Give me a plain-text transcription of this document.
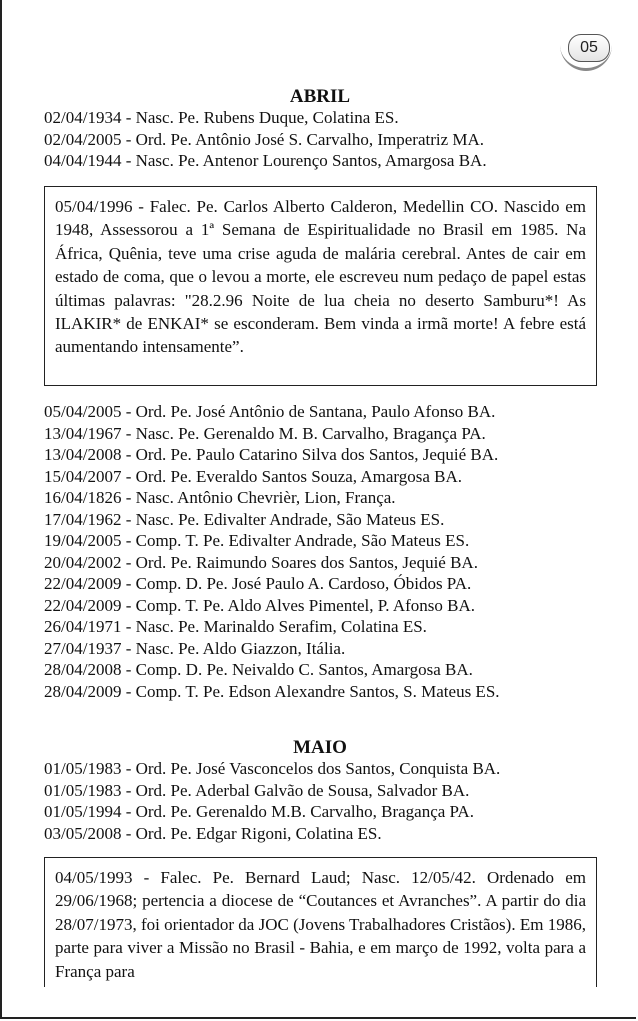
05
ABRIL
02/04/1934 - Nasc. Pe. Rubens Duque, Colatina ES.
02/04/2005 - Ord. Pe. Antônio José S. Carvalho, Imperatriz MA.
04/04/1944 - Nasc. Pe. Antenor Lourenço Santos, Amargosa BA.

05/04/1996 - Falec. Pe. Carlos Alberto Calderon, Medellin CO. Nascido em 1948, Assessorou a 1ª Semana de Espiritualidade no Brasil em 1985. Na África, Quênia, teve uma crise aguda de malária cerebral. Antes de cair em estado de coma, que o levou a morte, ele escreveu num pedaço de papel estas últimas palavras: "28.2.96 Noite de lua cheia no deserto Samburu*! As ILAKIR* de ENKAI* se esconderam. Bem vinda a irmã morte! A febre está aumentando intensamente”.

05/04/2005 - Ord. Pe. José Antônio de Santana, Paulo Afonso BA.
13/04/1967 - Nasc. Pe. Gerenaldo M. B. Carvalho, Bragança PA.
13/04/2008 - Ord. Pe. Paulo Catarino Silva dos Santos, Jequié BA.
15/04/2007 - Ord. Pe. Everaldo Santos Souza, Amargosa BA.
16/04/1826 - Nasc. Antônio Chevrièr, Lion, França.
17/04/1962 - Nasc. Pe. Edivalter Andrade, São Mateus ES.
19/04/2005 - Comp. T. Pe. Edivalter Andrade, São Mateus ES.
20/04/2002 - Ord. Pe. Raimundo Soares dos Santos, Jequié BA.
22/04/2009 - Comp. D. Pe. José Paulo A. Cardoso, Óbidos PA.
22/04/2009 - Comp. T. Pe. Aldo Alves Pimentel, P. Afonso BA.
26/04/1971 - Nasc. Pe. Marinaldo Serafim, Colatina ES.
27/04/1937 - Nasc. Pe. Aldo Giazzon, Itália.
28/04/2008 - Comp. D. Pe. Neivaldo C. Santos, Amargosa BA.
28/04/2009 - Comp. T. Pe. Edson Alexandre Santos, S. Mateus ES.
MAIO
01/05/1983 - Ord. Pe. José Vasconcelos dos Santos, Conquista BA.
01/05/1983 - Ord. Pe. Aderbal Galvão de Sousa, Salvador BA.
01/05/1994 - Ord. Pe. Gerenaldo M.B. Carvalho, Bragança PA.
03/05/2008 - Ord. Pe. Edgar Rigoni, Colatina ES.

04/05/1993 - Falec. Pe. Bernard Laud; Nasc. 12/05/42. Ordenado em 29/06/1968; pertencia a diocese de “Coutances et Avranches”. A partir do dia 28/07/1973, foi orientador da JOC (Jovens Trabalhadores Cristãos). Em 1986, parte para viver a Missão no Brasil - Bahia, e em março de 1992, volta para a França para
